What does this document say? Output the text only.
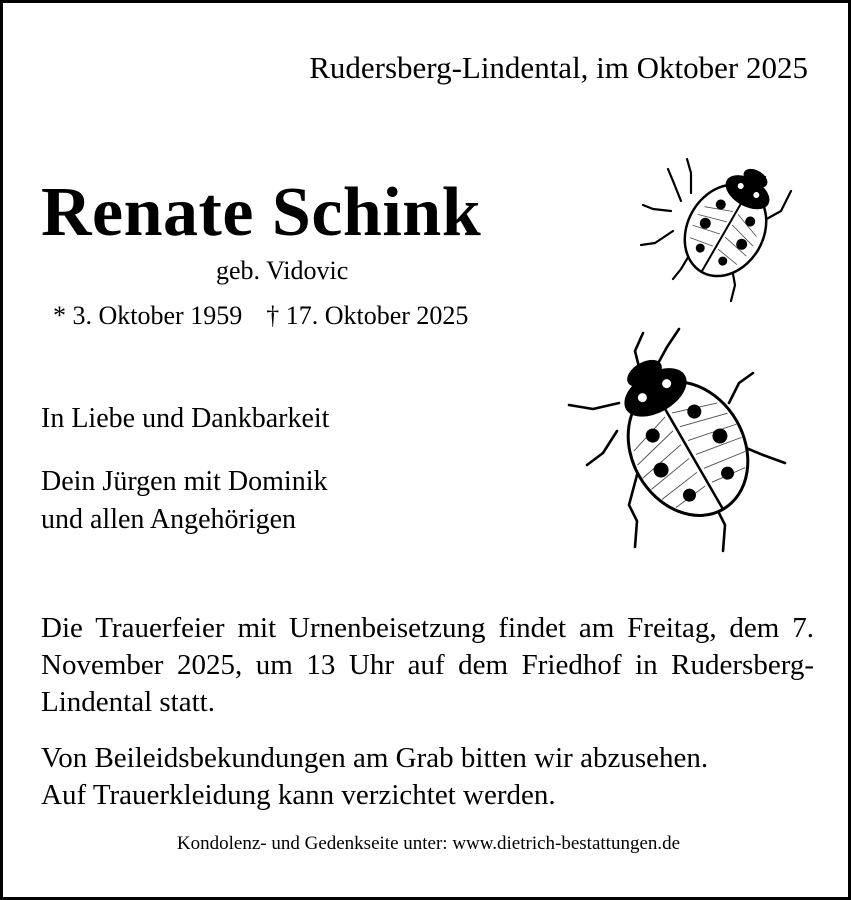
Rudersberg-Lindental, im Oktober 2025
Renate Schink
geb. Vidovic
* 3. Oktober 1959 † 17. Oktober 2025
In Liebe und Dankbarkeit
Dein Jürgen mit Dominik
und allen Angehörigen
Die Trauerfeier mit Urnenbeisetzung findet am Freitag, dem 7. November 2025, um 13 Uhr auf dem Friedhof in Rudersberg-Lindental statt.
Von Beileidsbekundungen am Grab bitten wir abzusehen.
Auf Trauerkleidung kann verzichtet werden.
Kondolenz- und Gedenkseite unter: www.dietrich-bestattungen.de
